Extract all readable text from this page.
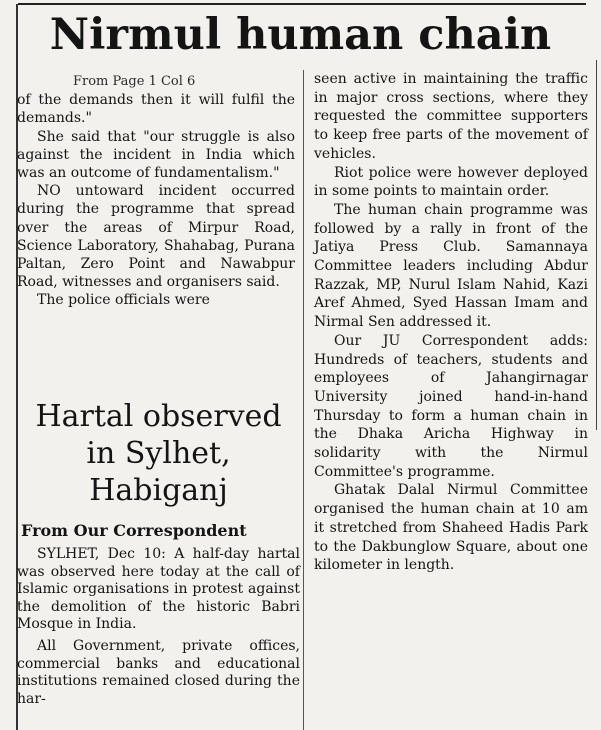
Nirmul human chain

From Page 1 Col 6

of the demands then it will fulfil the demands."

She said that "our struggle is also against the incident in India which was an outcome of fundamentalism."

NO untoward incident occurred during the programme that spread over the areas of Mirpur Road, Science Laboratory, Shahabag, Purana Paltan, Zero Point and Nawabpur Road, witnesses and organisers said.

The police officials were

Hartal observed
in Sylhet,
Habiganj

From Our Correspondent

SYLHET, Dec 10: A half-day hartal was observed here today at the call of Islamic organisations in protest against the demolition of the historic Babri Mosque in India.

All Government, private offices, commercial banks and educational institutions remained closed during the har-

seen active in maintaining the traffic in major cross sections, where they requested the committee supporters to keep free parts of the movement of vehicles.

Riot police were however deployed in some points to maintain order.

The human chain programme was followed by a rally in front of the Jatiya Press Club. Samannaya Committee leaders including Abdur Razzak, MP, Nurul Islam Nahid, Kazi Aref Ahmed, Syed Hassan Imam and Nirmal Sen addressed it.

Our JU Correspondent adds: Hundreds of teachers, students and employees of Jahangirnagar University joined hand-in-hand Thursday to form a human chain in the Dhaka Aricha Highway in solidarity with the Nirmul Committee's programme.

Ghatak Dalal Nirmul Committee organised the human chain at 10 am it stretched from Shaheed Hadis Park to the Dakbunglow Square, about one kilometer in length.
